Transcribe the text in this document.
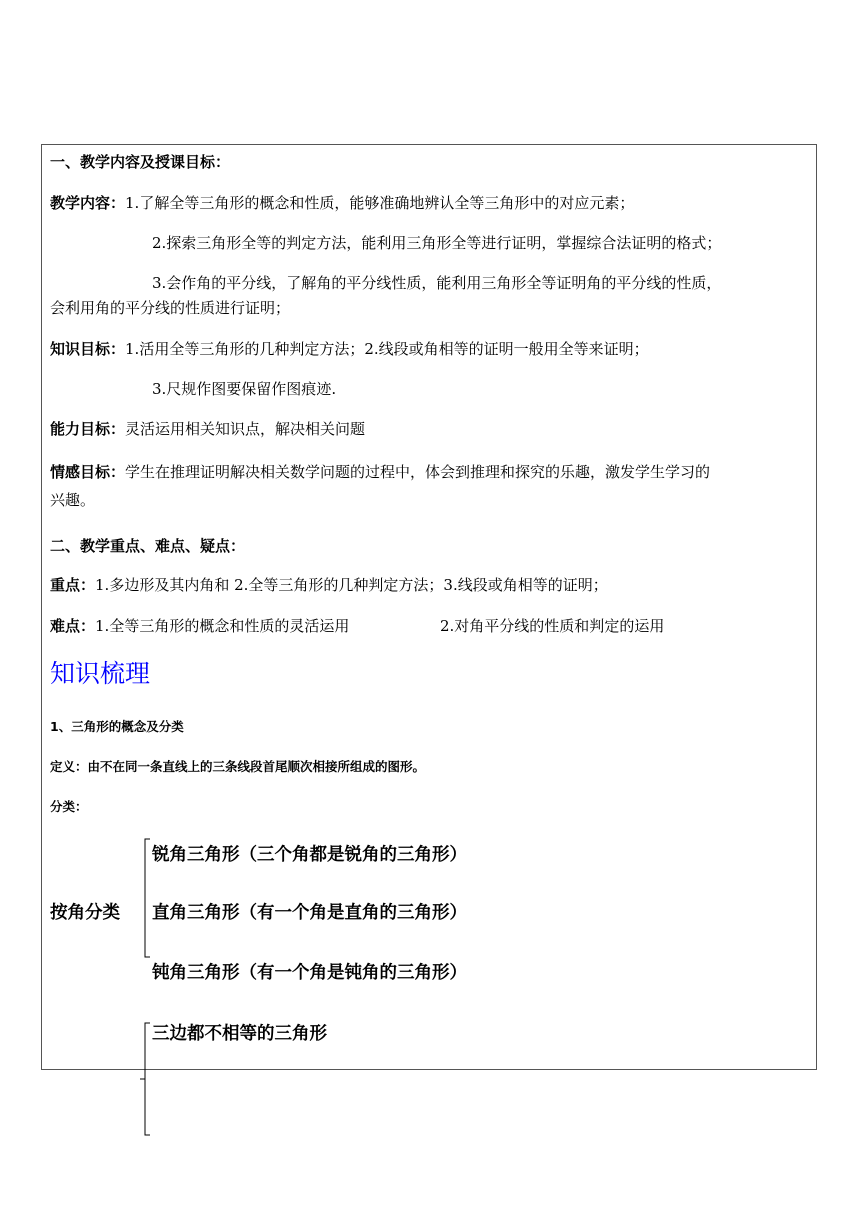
一、教学内容及授课目标：
教学内容：1.了解全等三角形的概念和性质，能够准确地辨认全等三角形中的对应元素；
2.探索三角形全等的判定方法，能利用三角形全等进行证明，掌握综合法证明的格式；
3.会作角的平分线，了解角的平分线性质，能利用三角形全等证明角的平分线的性质，
会利用角的平分线的性质进行证明；
知识目标：1.活用全等三角形的几种判定方法；2.线段或角相等的证明一般用全等来证明；
3.尺规作图要保留作图痕迹.
能力目标：灵活运用相关知识点，解决相关问题
情感目标：学生在推理证明解决相关数学问题的过程中，体会到推理和探究的乐趣，激发学生学习的
兴趣。
二、教学重点、难点、疑点：
重点：1.多边形及其内角和 2.全等三角形的几种判定方法；3.线段或角相等的证明；
难点：1.全等三角形的概念和性质的灵活运用	2.对角平分线的性质和判定的运用
知识梳理
1、三角形的概念及分类
定义：由不在同一条直线上的三条线段首尾顺次相接所组成的图形。
分类：
按角分类
锐角三角形（三个角都是锐角的三角形）
直角三角形（有一个角是直角的三角形）
钝角三角形（有一个角是钝角的三角形）
三边都不相等的三角形
